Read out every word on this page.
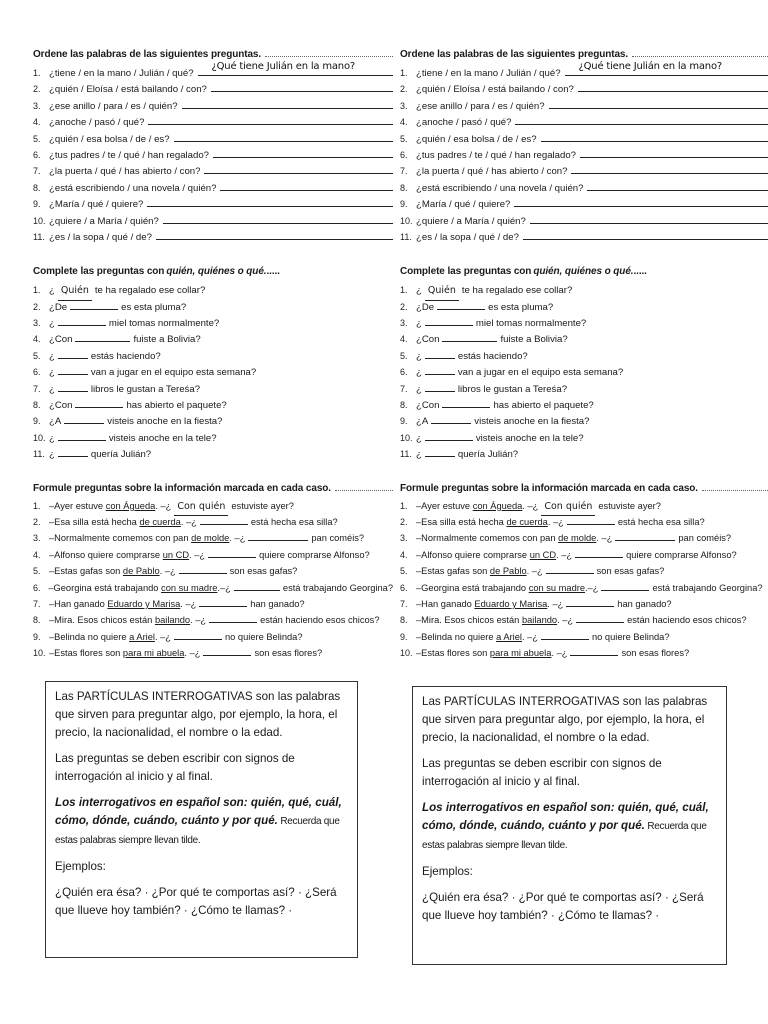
Ordene las palabras de las siguientes preguntas.
1. ¿tiene / en la mano / Julián / qué?
¿Qué tiene Julián en la mano?
2. ¿quién / Eloísa / está bailando / con?
3. ¿ese anillo / para / es / quién?
4. ¿anoche / pasó / qué?
5. ¿quién / esa bolsa / de / es?
6. ¿tus padres / te / qué / han regalado?
7. ¿la puerta / qué / has abierto / con?
8. ¿está escribiendo / una novela / quién?
9. ¿María / qué / quiere?
10. ¿quiere / a María / quién?
11. ¿es / la sopa / qué / de?
Complete las preguntas con quién, quiénes o qué. .....
1. ¿ Quién te ha regalado ese collar?
2. ¿De	es esta pluma?
3. ¿	miel tomas normalmente?
4. ¿Con	fuiste a Bolivia?
5. ¿	estás haciendo?
6. ¿	van a jugar en el equipo esta semana?
7. ¿	libros le gustan a Tereśa?
8. ¿Con	has abierto el paquete?
9. ¿A	visteis anoche en la fiesta?
10. ¿	visteis anoche en la tele?
11. ¿	quería Julián?
Formule preguntas sobre la información marcada en cada caso.
1. –Ayer estuve con Águeda . –¿ Con quién estuviste ayer?
2. –Esa silla está hecha de cuerda . –¿	está hecha esa silla?
3. –Normalmente comemos con pan de molde . –¿	pan coméis?
4. –Alfonso quiere comprarse un CD . –¿	quiere comprarse Alfonso?
5. –Estas gafas son de Pablo . –¿	son esas gafas?
6. –Georgina está trabajando con su madre .–¿	está trabajando Georgina?
7. –Han ganado Eduardo y Marisa . –¿	han ganado?
8. –Mira. Esos chicos están bailando . –¿	están haciendo esos chicos?
9. –Belinda no quiere a Ariel . –¿	no quiere Belinda?
10. –Estas flores son para mi abuela . –¿	son esas flores?
Ordene las palabras de las siguientes preguntas.
1. ¿tiene / en la mano / Julián / qué?
¿Qué tiene Julián en la mano?
2. ¿quién / Eloísa / está bailando / con?
3. ¿ese anillo / para / es / quién?
4. ¿anoche / pasó / qué?
5. ¿quién / esa bolsa / de / es?
6. ¿tus padres / te / qué / han regalado?
7. ¿la puerta / qué / has abierto / con?
8. ¿está escribiendo / una novela / quién?
9. ¿María / qué / quiere?
10. ¿quiere / a María / quién?
11. ¿es / la sopa / qué / de?
Complete las preguntas con quién, quiénes o qué. .....
1. ¿ Quién te ha regalado ese collar?
2. ¿De	es esta pluma?
3. ¿	miel tomas normalmente?
4. ¿Con	fuiste a Bolivia?
5. ¿	estás haciendo?
6. ¿	van a jugar en el equipo esta semana?
7. ¿	libros le gustan a Tereśa?
8. ¿Con	has abierto el paquete?
9. ¿A	visteis anoche en la fiesta?
10. ¿	visteis anoche en la tele?
11. ¿	quería Julián?
Formule preguntas sobre la información marcada en cada caso.
1. –Ayer estuve con Águeda . –¿ Con quién estuviste ayer?
2. –Esa silla está hecha de cuerda . –¿	está hecha esa silla?
3. –Normalmente comemos con pan de molde . –¿	pan coméis?
4. –Alfonso quiere comprarse un CD . –¿	quiere comprarse Alfonso?
5. –Estas gafas son de Pablo . –¿	son esas gafas?
6. –Georgina está trabajando con su madre .–¿	está trabajando Georgina?
7. –Han ganado Eduardo y Marisa . –¿	han ganado?
8. –Mira. Esos chicos están bailando . –¿	están haciendo esos chicos?
9. –Belinda no quiere a Ariel . –¿	no quiere Belinda?
10. –Estas flores son para mi abuela . –¿	son esas flores?

Las PARTÍCULAS INTERROGATIVAS son las palabras que sirven para preguntar algo, por ejemplo, la hora, el precio, la nacionalidad, el nombre o la edad.

Las preguntas se deben escribir con signos de interrogación al inicio y al final.

Los interrogativos en español son: quién, qué, cuál, cómo, dónde, cuándo, cuánto y por qué. Recuerda que estas palabras siempre llevan tilde.

Ejemplos:

¿Quién era ésa? · ¿Por qué te comportas así? · ¿Será que llueve hoy también? · ¿Cómo te llamas? ·

Las PARTÍCULAS INTERROGATIVAS son las palabras que sirven para preguntar algo, por ejemplo, la hora, el precio, la nacionalidad, el nombre o la edad.

Las preguntas se deben escribir con signos de interrogación al inicio y al final.

Los interrogativos en español son: quién, qué, cuál, cómo, dónde, cuándo, cuánto y por qué. Recuerda que estas palabras siempre llevan tilde.

Ejemplos:

¿Quién era ésa? · ¿Por qué te comportas así? · ¿Será que llueve hoy también? · ¿Cómo te llamas? ·
